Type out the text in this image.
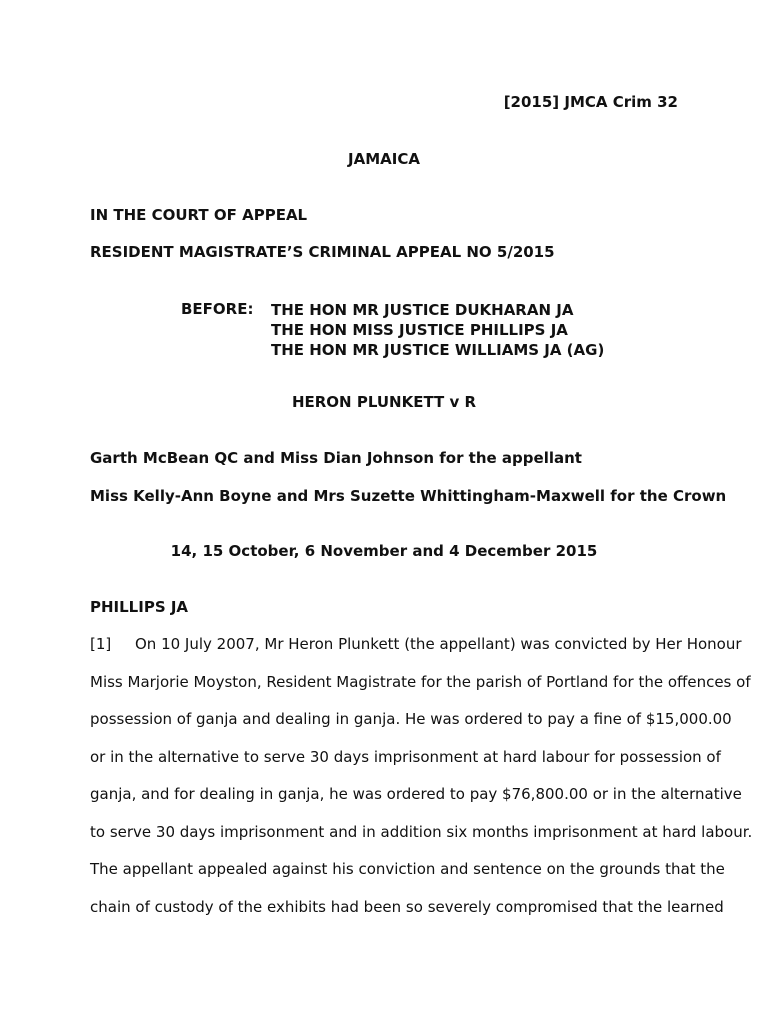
[2015] JMCA Crim 32
JAMAICA
IN THE COURT OF APPEAL
RESIDENT MAGISTRATE’S CRIMINAL APPEAL NO 5/2015
BEFORE: THE HON MR JUSTICE DUKHARAN JA
THE HON MISS JUSTICE PHILLIPS JA
THE HON MR JUSTICE WILLIAMS JA (AG)
HERON PLUNKETT v R
Garth McBean QC and Miss Dian Johnson for the appellant
Miss Kelly-Ann Boyne and Mrs Suzette Whittingham-Maxwell for the Crown
14, 15 October, 6 November and 4 December 2015
PHILLIPS JA
[1] On 10 July 2007, Mr Heron Plunkett (the appellant) was convicted by Her Honour
Miss Marjorie Moyston, Resident Magistrate for the parish of Portland for the offences of
possession of ganja and dealing in ganja. He was ordered to pay a fine of $15,000.00
or in the alternative to serve 30 days imprisonment at hard labour for possession of
ganja, and for dealing in ganja, he was ordered to pay $76,800.00 or in the alternative
to serve 30 days imprisonment and in addition six months imprisonment at hard labour.
The appellant appealed against his conviction and sentence on the grounds that the
chain of custody of the exhibits had been so severely compromised that the learned
